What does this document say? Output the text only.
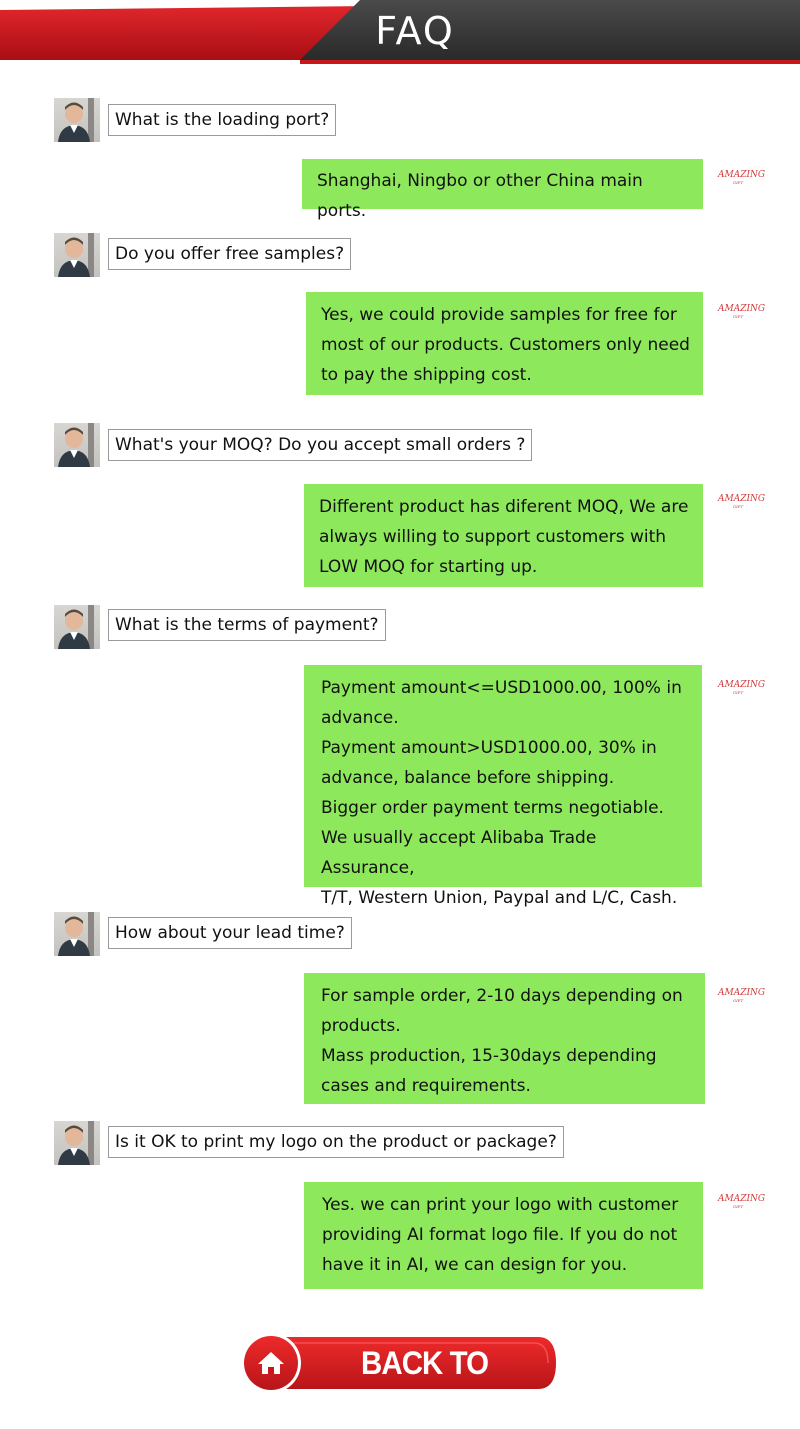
FAQ
What is the loading port?
Shanghai, Ningbo or other China main ports.
AMAZING
GIFT
Do you offer free samples?
Yes, we could provide samples for free for
most of our products. Customers only need
to pay the shipping cost.
AMAZING
GIFT
What's your MOQ? Do you accept small orders ?
Different product has diferent MOQ, We are
always willing to support customers with
LOW MOQ for starting up.
AMAZING
GIFT
What is the terms of payment?
Payment amount<=USD1000.00, 100% in
advance.
Payment amount>USD1000.00, 30% in
advance, balance before shipping.
Bigger order payment terms negotiable.
We usually accept Alibaba Trade Assurance,
T/T, Western Union, Paypal and L/C, Cash.
AMAZING
GIFT
How about your lead time?
For sample order, 2-10 days depending on
products.
Mass production, 15-30days depending
cases and requirements.
AMAZING
GIFT
Is it OK to print my logo on the product or package?
Yes. we can print your logo with customer
providing AI format logo file. If you do not
have it in AI, we can design for you.
AMAZING
GIFT
BACK TO HOME
